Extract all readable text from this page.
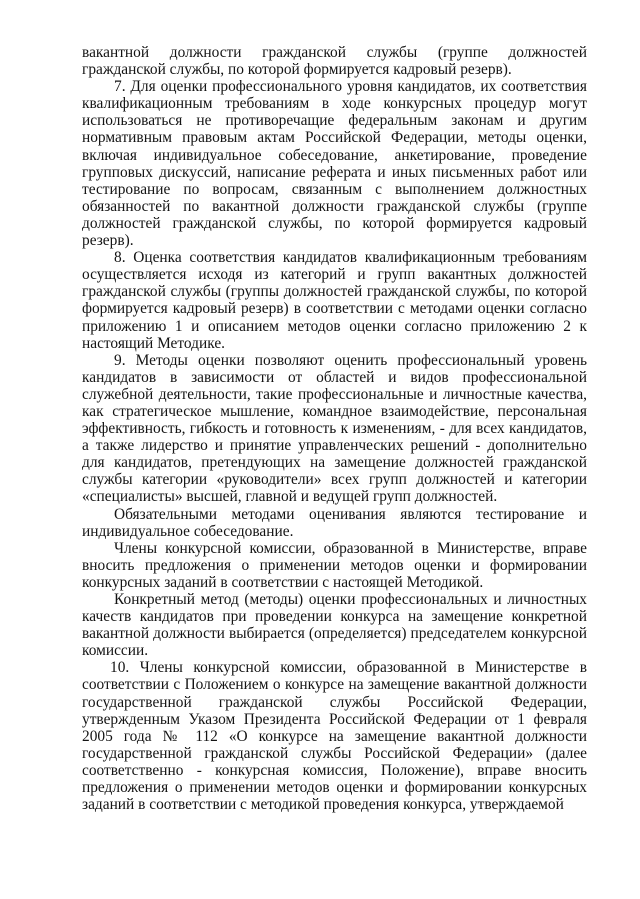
вакантной должности гражданской службы (группе должностей гражданской службы, по которой формируется кадровый резерв).

7. Для оценки профессионального уровня кандидатов, их соответствия квалификационным требованиям в ходе конкурсных процедур могут использоваться не противоречащие федеральным законам и другим нормативным правовым актам Российской Федерации, методы оценки, включая индивидуальное собеседование, анкетирование, проведение групповых дискуссий, написание реферата и иных письменных работ или тестирование по вопросам, связанным с выполнением должностных обязанностей по вакантной должности гражданской службы (группе должностей гражданской службы, по которой формируется кадровый резерв).

8. Оценка соответствия кандидатов квалификационным требованиям осуществляется исходя из категорий и групп вакантных должностей гражданской службы (группы должностей гражданской службы, по которой формируется кадровый резерв) в соответствии с методами оценки согласно приложению 1 и описанием методов оценки согласно приложению 2 к настоящий Методике.

9. Методы оценки позволяют оценить профессиональный уровень кандидатов в зависимости от областей и видов профессиональной служебной деятельности, такие профессиональные и личностные качества, как стратегическое мышление, командное взаимодействие, персональная эффективность, гибкость и готовность к изменениям, - для всех кандидатов, а также лидерство и принятие управленческих решений - дополнительно для кандидатов, претендующих на замещение должностей гражданской службы категории «руководители» всех групп должностей и категории «специалисты» высшей, главной и ведущей групп должностей.

Обязательными методами оценивания являются тестирование и индивидуальное собеседование.

Члены конкурсной комиссии, образованной в Министерстве, вправе вносить предложения о применении методов оценки и формировании конкурсных заданий в соответствии с настоящей Методикой.

Конкретный метод (методы) оценки профессиональных и личностных качеств кандидатов при проведении конкурса на замещение конкретной вакантной должности выбирается (определяется) председателем конкурсной комиссии.

10. Члены конкурсной комиссии, образованной в Министерстве в соответствии с Положением о конкурсе на замещение вакантной должности государственной гражданской службы Российской Федерации, утвержденным Указом Президента Российской Федерации от 1 февраля 2005 года № 112 «О конкурсе на замещение вакантной должности государственной гражданской службы Российской Федерации» (далее соответственно - конкурсная комиссия, Положение), вправе вносить предложения о применении методов оценки и формировании конкурсных заданий в соответствии с методикой проведения конкурса, утверждаемой
